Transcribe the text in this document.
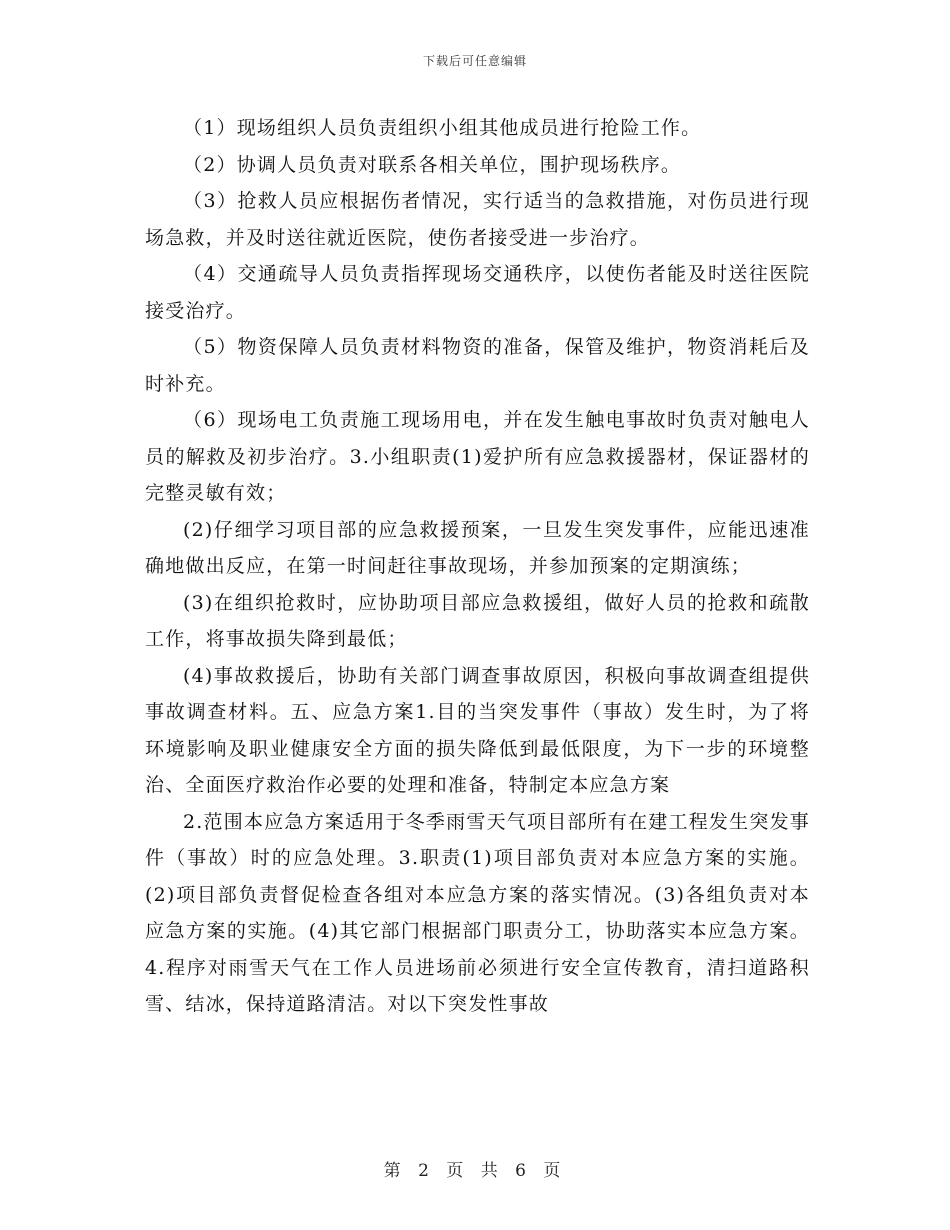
下载后可任意编辑

（1）现场组织人员负责组织小组其他成员进行抢险工作。

（2）协调人员负责对联系各相关单位，围护现场秩序。

（3）抢救人员应根据伤者情况，实行适当的急救措施，对伤员进行现场急救，并及时送往就近医院，使伤者接受进一步治疗。

（4）交通疏导人员负责指挥现场交通秩序，以使伤者能及时送往医院接受治疗。

（5）物资保障人员负责材料物资的准备，保管及维护，物资消耗后及时补充。

（6）现场电工负责施工现场用电，并在发生触电事故时负责对触电人员的解救及初步治疗。3.小组职责(1)爱护所有应急救援器材，保证器材的完整灵敏有效；

(2)仔细学习项目部的应急救援预案，一旦发生突发事件，应能迅速准确地做出反应，在第一时间赶往事故现场，并参加预案的定期演练；

(3)在组织抢救时，应协助项目部应急救援组，做好人员的抢救和疏散工作，将事故损失降到最低；

(4)事故救援后，协助有关部门调查事故原因，积极向事故调查组提供事故调查材料。五、应急方案1.目的当突发事件（事故）发生时，为了将环境影响及职业健康安全方面的损失降低到最低限度，为下一步的环境整治、全面医疗救治作必要的处理和准备，特制定本应急方案

2.范围本应急方案适用于冬季雨雪天气项目部所有在建工程发生突发事件（事故）时的应急处理。3.职责(1)项目部负责对本应急方案的实施。(2)项目部负责督促检查各组对本应急方案的落实情况。(3)各组负责对本应急方案的实施。(4)其它部门根据部门职责分工，协助落实本应急方案。4.程序对雨雪天气在工作人员进场前必须进行安全宣传教育，清扫道路积雪、结冰，保持道路清洁。对以下突发性事故

第 2 页 共 6 页
